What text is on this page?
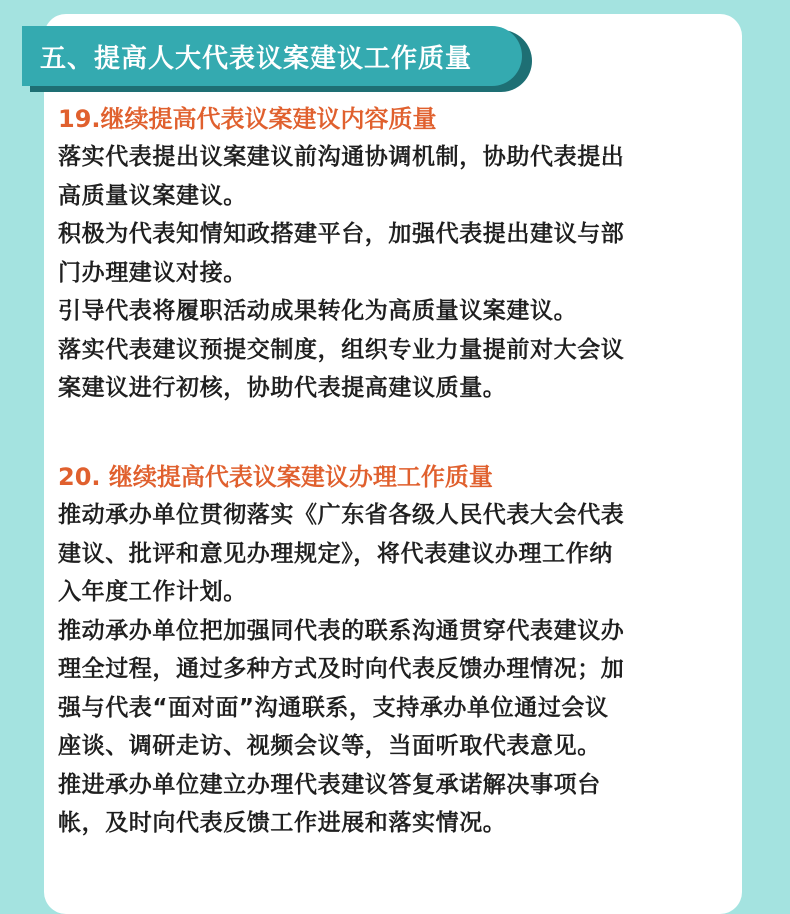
五、提高人大代表议案建议工作质量
19.继续提高代表议案建议内容质量
落实代表提出议案建议前沟通协调机制，协助代表提出
高质量议案建议。
积极为代表知情知政搭建平台，加强代表提出建议与部
门办理建议对接。
引导代表将履职活动成果转化为高质量议案建议。
落实代表建议预提交制度，组织专业力量提前对大会议
案建议进行初核，协助代表提高建议质量。
20. 继续提高代表议案建议办理工作质量
推动承办单位贯彻落实《广东省各级人民代表大会代表
建议、批评和意见办理规定》，将代表建议办理工作纳
入年度工作计划。
推动承办单位把加强同代表的联系沟通贯穿代表建议办
理全过程，通过多种方式及时向代表反馈办理情况；加
强与代表“面对面”沟通联系，支持承办单位通过会议
座谈、调研走访、视频会议等，当面听取代表意见。
推进承办单位建立办理代表建议答复承诺解决事项台
帐，及时向代表反馈工作进展和落实情况。
